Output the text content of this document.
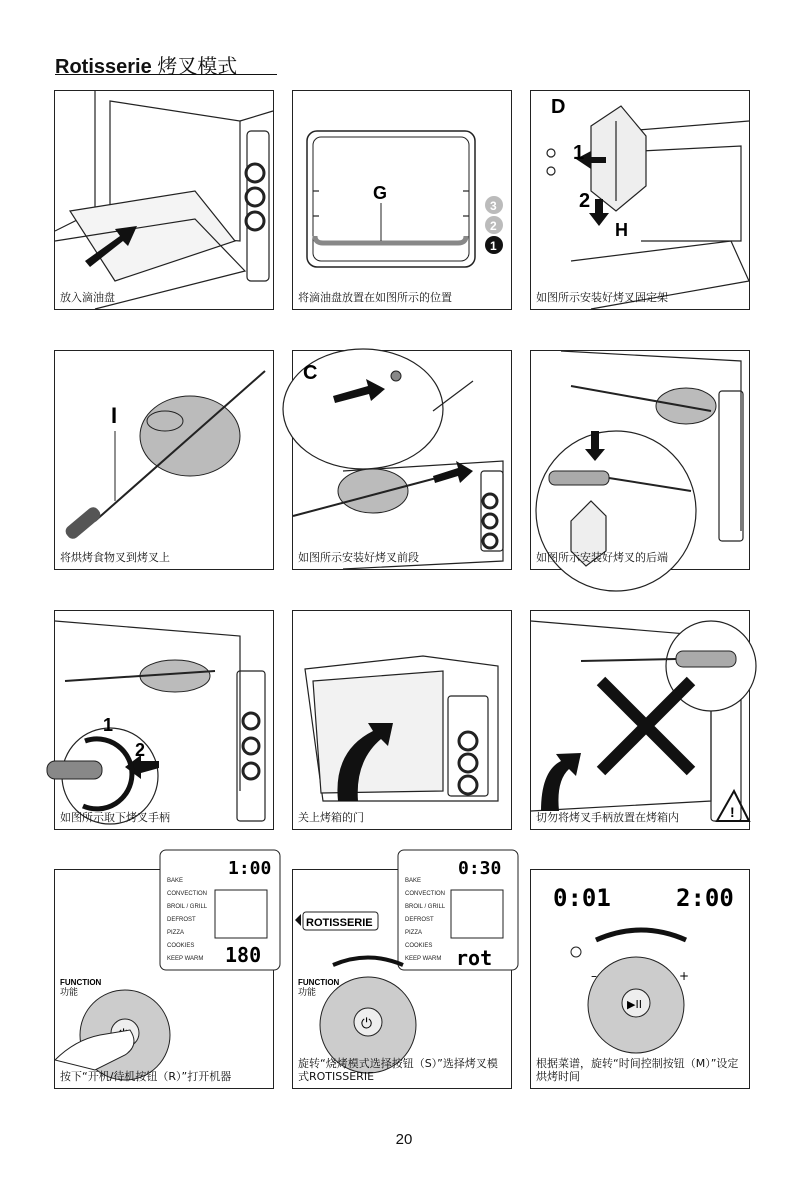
Rotisserie 烤叉模式
放入滴油盘
G
3
2
1
将滴油盘放置在如图所示的位置
D
1
2
H
如图所示安装好烤叉固定架
I
将烘烤食物叉到烤叉上
C
如图所示安装好烤叉前段	如图所示安装好烤叉的后端
1
2
如图所示取下烤叉手柄	关上烤箱的门	!
切勿将烤叉手柄放置在烤箱内
BAKE
CONVECTION
BROIL / GRILL
DEFROST
PIZZA
COOKIES
KEEP WARM
1:00
180
FUNCTION
功能
按下“开机/待机按钮（R）”打开机器
BAKE
CONVECTION
BROIL / GRILL
DEFROST
PIZZA
COOKIES
KEEP WARM
0:30
rot
ROTISSERIE
FUNCTION
功能
⏻
旋转“烧烤模式选择按钮（S）”选择烤叉模式ROTISSERIE
0:01	2:00
–	+
▶II
根据菜谱，旋转“时间控制按钮（M）”设定烘烤时间
20
